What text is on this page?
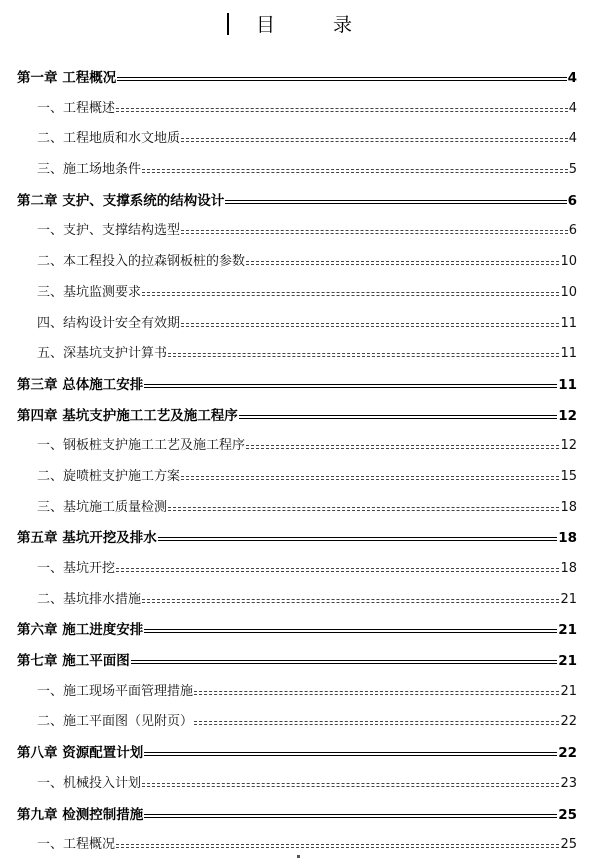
目 录
第一章 工程概况	4
一、工程概述	4
二、工程地质和水文地质	4
三、施工场地条件	5
第二章 支护、支撑系统的结构设计	6
一、支护、支撑结构选型	6
二、本工程投入的拉森钢板桩的参数	10
三、基坑监测要求	10
四、结构设计安全有效期	11
五、深基坑支护计算书	11
第三章 总体施工安排	11
第四章 基坑支护施工工艺及施工程序	12
一、钢板桩支护施工工艺及施工程序	12
二、旋喷桩支护施工方案	15
三、基坑施工质量检测	18
第五章 基坑开挖及排水	18
一、基坑开挖	18
二、基坑排水措施	21
第六章 施工进度安排	21
第七章 施工平面图	21
一、施工现场平面管理措施	21
二、施工平面图（见附页）	22
第八章 资源配置计划	22
一、机械投入计划	23
第九章 检测控制措施	25
一、工程概况	25
